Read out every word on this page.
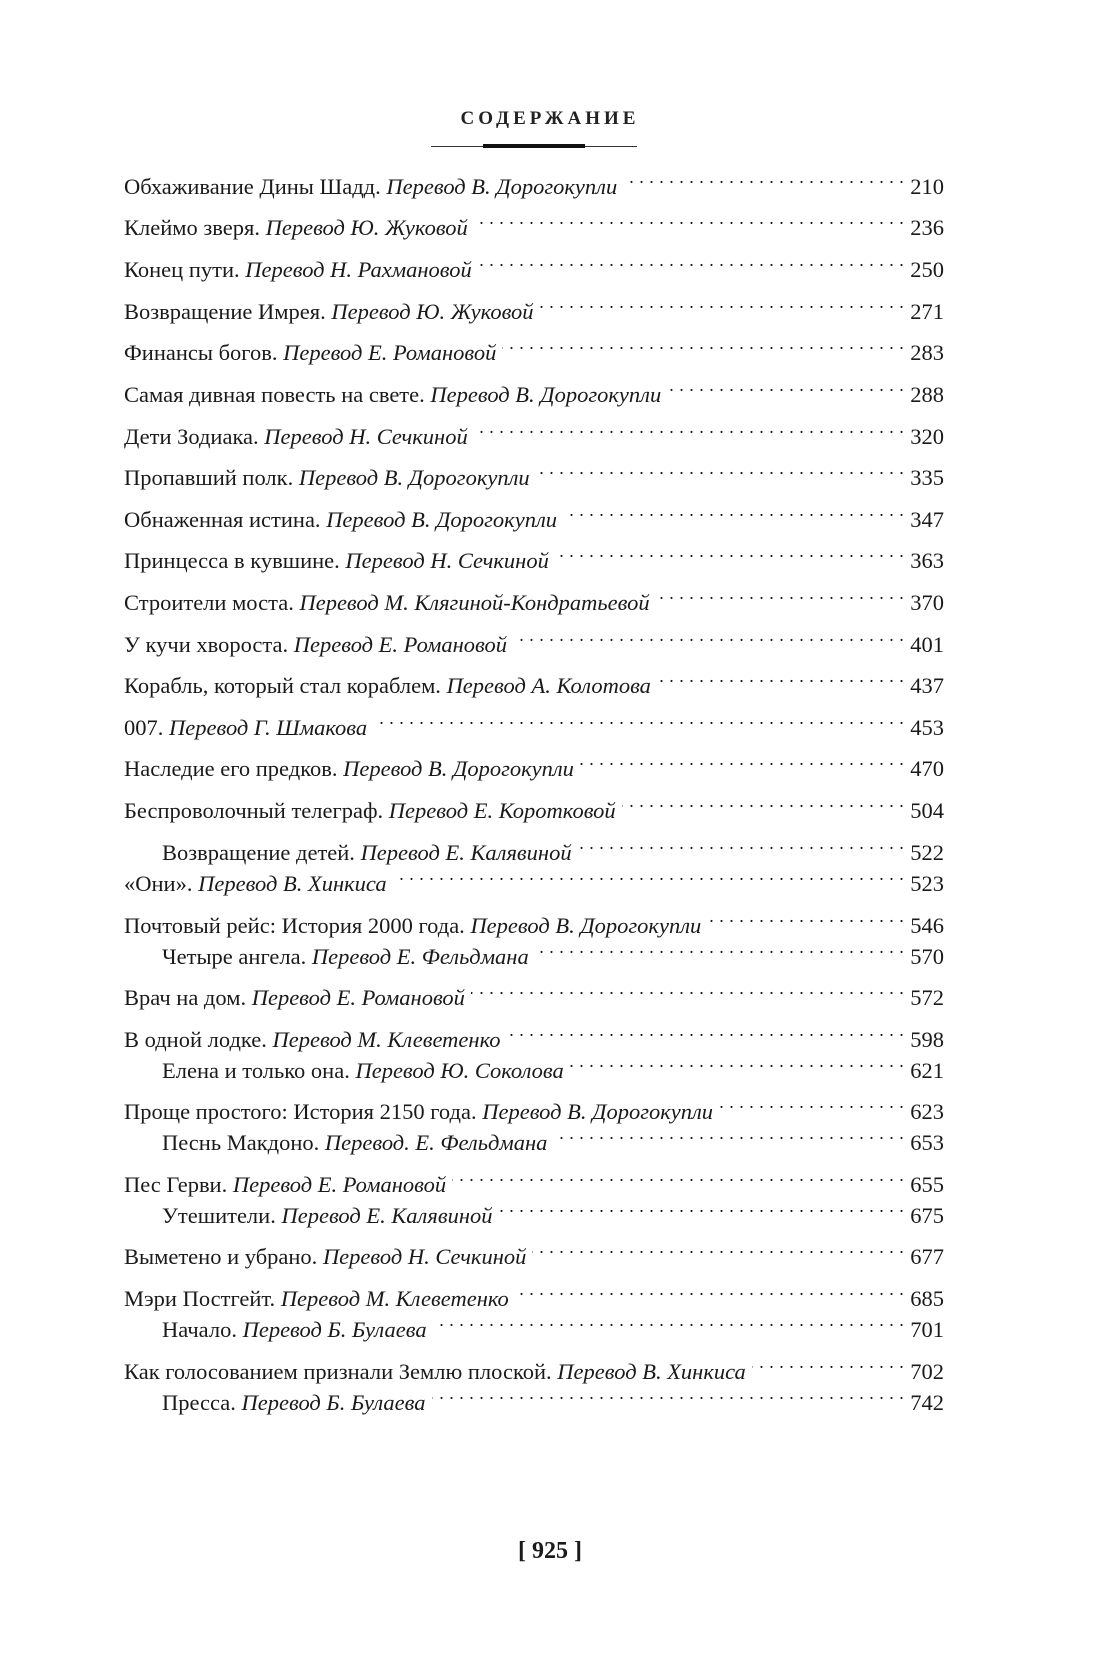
СОДЕРЖАНИЕ
Обхаживание Дины Шадд. Перевод В. Дорогокупли . . .	210
Клеймо зверя. Перевод Ю. Жуковой . . .	236
Конец пути. Перевод Н. Рахмановой . . .	250
Возвращение Имрея. Перевод Ю. Жуковой . . .	271
Финансы богов. Перевод Е. Романовой . . .	283
Самая дивная повесть на свете. Перевод В. Дорогокупли . . .	288
Дети Зодиака. Перевод Н. Сечкиной . . .	320
Пропавший полк. Перевод В. Дорогокупли . . .	335
Обнаженная истина. Перевод В. Дорогокупли . . .	347
Принцесса в кувшине. Перевод Н. Сечкиной . . .	363
Строители моста. Перевод М. Клягиной-Кондратьевой . . .	370
У кучи хвороста. Перевод Е. Романовой . . .	401
Корабль, который стал кораблем. Перевод А. Колотова . . .	437
007. Перевод Г. Шмакова . . .	453
Наследие его предков. Перевод В. Дорогокупли . . .	470
Беспроволочный телеграф. Перевод Е. Коротковой . . .	504
Возвращение детей. Перевод Е. Калявиной . . .	522
«Они». Перевод В. Хинкиса . . .	523
Почтовый рейс: История 2000 года. Перевод В. Дорогокупли . . .	546
Четыре ангела. Перевод Е. Фельдмана . . .	570
Врач на дом. Перевод Е. Романовой . . .	572
В одной лодке. Перевод М. Клеветенко . . .	598
Елена и только она. Перевод Ю. Соколова . . .	621
Проще простого: История 2150 года. Перевод В. Дорогокупли . . .	623
Песнь Макдоно. Перевод. Е. Фельдмана . . .	653
Пес Герви. Перевод Е. Романовой . . .	655
Утешители. Перевод Е. Калявиной . . .	675
Выметено и убрано. Перевод Н. Сечкиной . . .	677
Мэри Постгейт. Перевод М. Клеветенко . . .	685
Начало. Перевод Б. Булаева . . .	701
Как голосованием признали Землю плоской. Перевод В. Хинкиса . . .	702
Пресса. Перевод Б. Булаева . . .	742
[ 925 ]
